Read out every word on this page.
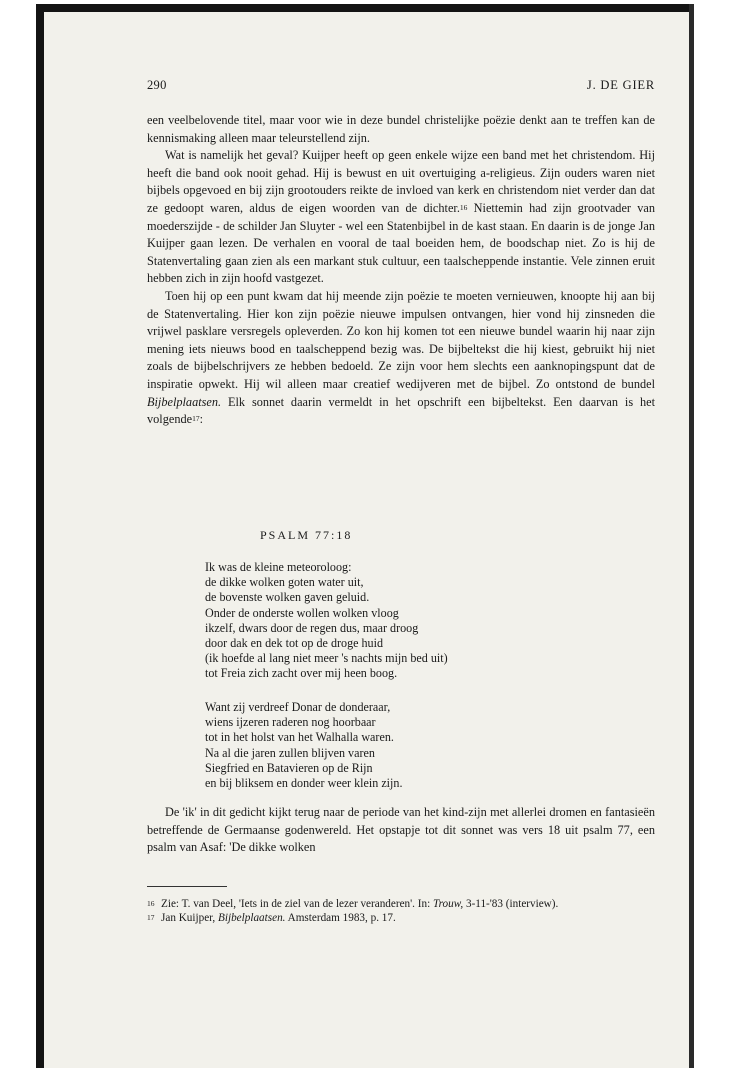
290	J. DE GIER

een veelbelovende titel, maar voor wie in deze bundel christelijke poëzie denkt aan te treffen kan de kennismaking alleen maar teleurstellend zijn.

Wat is namelijk het geval? Kuijper heeft op geen enkele wijze een band met het christendom. Hij heeft die band ook nooit gehad. Hij is bewust en uit overtuiging a-religieus. Zijn ouders waren niet bijbels opgevoed en bij zijn grootouders reikte de invloed van kerk en christendom niet verder dan dat ze gedoopt waren, aldus de eigen woorden van de dichter.$^{16}$ Niettemin had zijn grootvader van moederszijde - de schilder Jan Sluyter - wel een Statenbijbel in de kast staan. En daarin is de jonge Jan Kuijper gaan lezen. De verhalen en vooral de taal boeiden hem, de boodschap niet. Zo is hij de Statenvertaling gaan zien als een markant stuk cultuur, een taalscheppende instantie. Vele zinnen eruit hebben zich in zijn hoofd vastgezet.

Toen hij op een punt kwam dat hij meende zijn poëzie te moeten vernieuwen, knoopte hij aan bij de Statenvertaling. Hier kon zijn poëzie nieuwe impulsen ontvangen, hier vond hij zinsneden die vrijwel pasklare versregels opleverden. Zo kon hij komen tot een nieuwe bundel waarin hij naar zijn mening iets nieuws bood en taalscheppend bezig was. De bijbeltekst die hij kiest, gebruikt hij niet zoals de bijbelschrijvers ze hebben bedoeld. Ze zijn voor hem slechts een aanknopingspunt dat de inspiratie opwekt. Hij wil alleen maar creatief wedijveren met de bijbel. Zo ontstond de bundel Bijbelplaatsen. Elk sonnet daarin vermeldt in het opschrift een bijbeltekst. Een daarvan is het volgende$^{17}$:

PSALM 77:18
Ik was de kleine meteoroloog:
de dikke wolken goten water uit,
de bovenste wolken gaven geluid.
Onder de onderste wollen wolken vloog
ikzelf, dwars door de regen dus, maar droog
door dak en dek tot op de droge huid
(ik hoefde al lang niet meer 's nachts mijn bed uit)
tot Freia zich zacht over mij heen boog.
Want zij verdreef Donar de donderaar,
wiens ijzeren raderen nog hoorbaar
tot in het holst van het Walhalla waren.
Na al die jaren zullen blijven varen
Siegfried en Batavieren op de Rijn
en bij bliksem en donder weer klein zijn.

De 'ik' in dit gedicht kijkt terug naar de periode van het kind-zijn met allerlei dromen en fantasieën betreffende de Germaanse godenwereld. Het opstapje tot dit sonnet was vers 18 uit psalm 77, een psalm van Asaf: 'De dikke wolken

16 Zie: T. van Deel, 'Iets in de ziel van de lezer veranderen'. In: Trouw, 3-11-'83 (interview).
17 Jan Kuijper, Bijbelplaatsen. Amsterdam 1983, p. 17.
